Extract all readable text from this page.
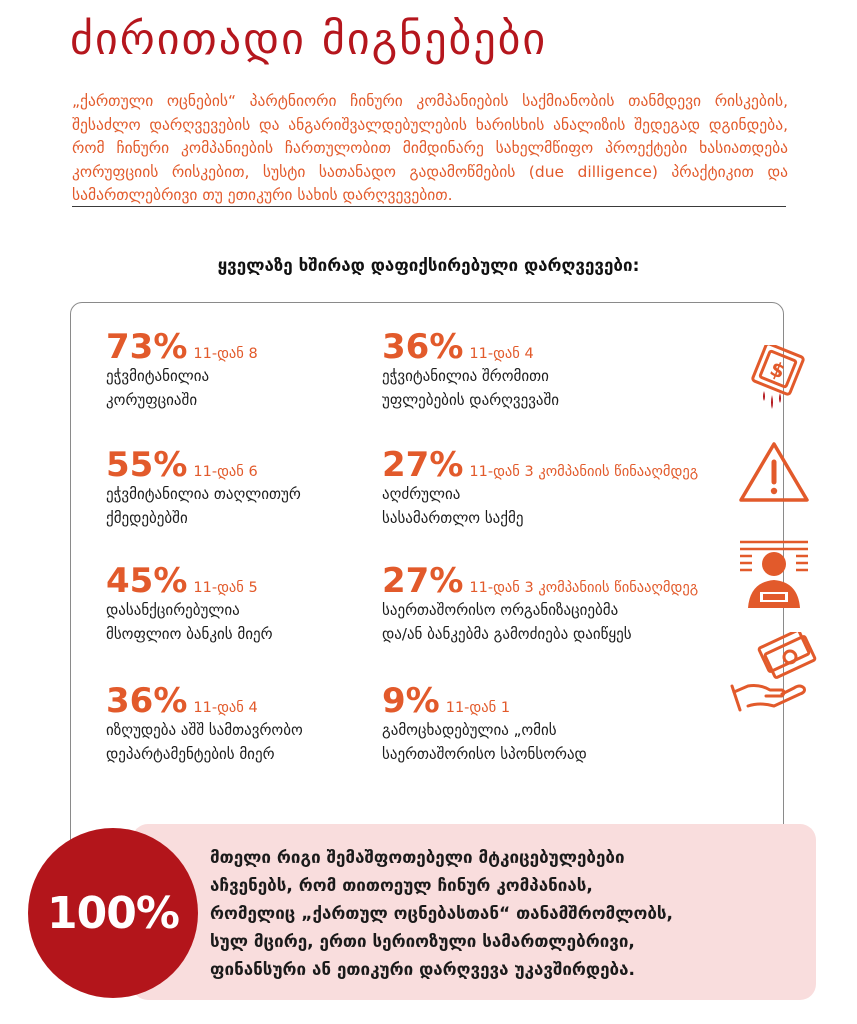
ძირითადი მიგნებები

„ქართული ოცნების“ პარტნიორი ჩინური კომპანიების საქმიანობის თანმდევი რისკების, შესაძლო დარღვევების და ანგარიშვალდებულების ხარისხის ანალიზის შედეგად დგინდება, რომ ჩინური კომპანიების ჩართულობით მიმდინარე სახელმწიფო პროექტები ხასიათდება კორუფციის რისკებით, სუსტი სათანადო გადამოწმების (due dilligence) პრაქტიკით და სამართლებრივი თუ ეთიკური სახის დარღვევებით.

ყველაზე ხშირად დაფიქსირებული დარღვევები:
73% 11-დან 8
ეჭვმიტანილია
კორუფციაში
36% 11-დან 4
ეჭვიტანილია შრომითი
უფლებების დარღვევაში
55% 11-დან 6
ეჭვმიტანილია თაღლითურ
ქმედებებში
27% 11-დან 3 კომპანიის წინააღმდეგ
აღძრულია
სასამართლო საქმე
45% 11-დან 5
დასანქცირებულია
მსოფლიო ბანკის მიერ
27% 11-დან 3 კომპანიის წინააღმდეგ
საერთაშორისო ორგანიზაციებმა
და/ან ბანკებმა გამოძიება დაიწყეს
36% 11-დან 4
იზღუდება აშშ სამთავრობო
დეპარტამენტების მიერ
9% 11-დან 1
გამოცხადებულია „ომის
საერთაშორისო სპონსორად
$
მთელი რიგი შემაშფოთებელი მტკიცებულებები
აჩვენებს, რომ თითოეულ ჩინურ კომპანიას,
რომელიც „ქართულ ოცნებასთან“ თანამშრომლობს,
სულ მცირე, ერთი სერიოზული სამართლებრივი,
ფინანსური ან ეთიკური დარღვევა უკავშირდება.
100%
